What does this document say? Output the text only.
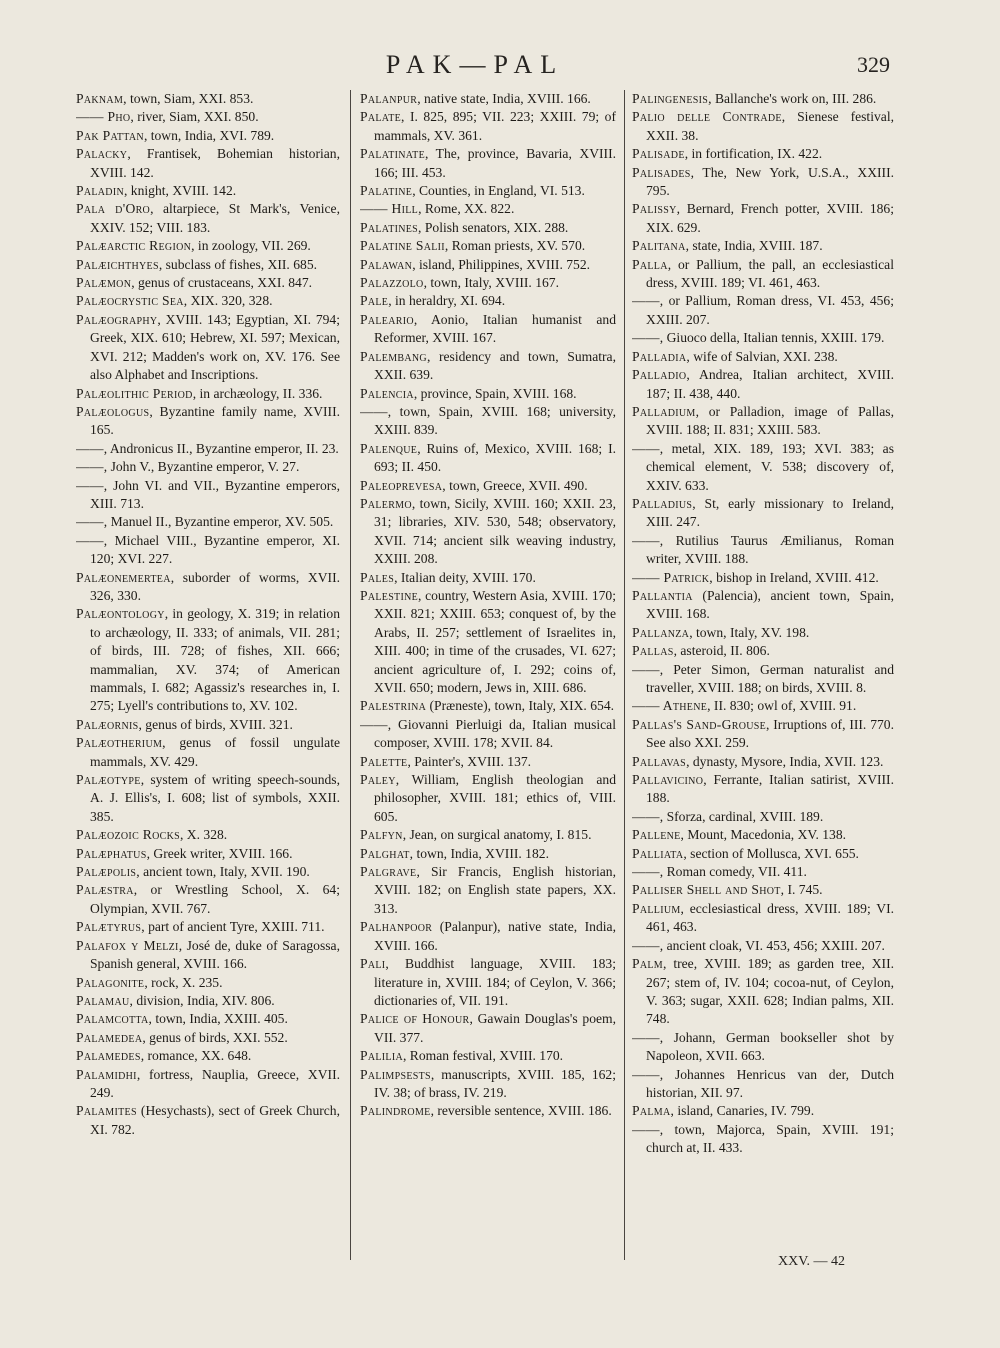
PAK—PAL	329

Paknam, town, Siam, XXI. 853.

—— Pho, river, Siam, XXI. 850.

Pak Pattan, town, India, XVI. 789.

Palacky, Frantisek, Bohemian historian, XVIII. 142.

Paladin, knight, XVIII. 142.

Pala d'Oro, altarpiece, St Mark's, Venice, XXIV. 152; VIII. 183.

Palæarctic Region, in zoology, VII. 269.

Palæichthyes, subclass of fishes, XII. 685.

Palæmon, genus of crustaceans, XXI. 847.

Palæocrystic Sea, XIX. 320, 328.

Palæography, XVIII. 143; Egyptian, XI. 794; Greek, XIX. 610; Hebrew, XI. 597; Mexican, XVI. 212; Madden's work on, XV. 176. See also Alphabet and Inscriptions.

Palæolithic Period, in archæology, II. 336.

Palæologus, Byzantine family name, XVIII. 165.

——, Andronicus II., Byzantine emperor, II. 23.

——, John V., Byzantine emperor, V. 27.

——, John VI. and VII., Byzantine emperors, XIII. 713.

——, Manuel II., Byzantine emperor, XV. 505.

——, Michael VIII., Byzantine emperor, XI. 120; XVI. 227.

Palæonemertea, suborder of worms, XVII. 326, 330.

Palæontology, in geology, X. 319; in relation to archæology, II. 333; of animals, VII. 281; of birds, III. 728; of fishes, XII. 666; mammalian, XV. 374; of American mammals, I. 682; Agassiz's researches in, I. 275; Lyell's contributions to, XV. 102.

Palæornis, genus of birds, XVIII. 321.

Palæotherium, genus of fossil ungulate mammals, XV. 429.

Palæotype, system of writing speech-sounds, A. J. Ellis's, I. 608; list of symbols, XXII. 385.

Palæozoic Rocks, X. 328.

Palæphatus, Greek writer, XVIII. 166.

Palæpolis, ancient town, Italy, XVII. 190.

Palæstra, or Wrestling School, X. 64; Olympian, XVII. 767.

Palætyrus, part of ancient Tyre, XXIII. 711.

Palafox y Melzi, José de, duke of Saragossa, Spanish general, XVIII. 166.

Palagonite, rock, X. 235.

Palamau, division, India, XIV. 806.

Palamcotta, town, India, XXIII. 405.

Palamedea, genus of birds, XXI. 552.

Palamedes, romance, XX. 648.

Palamidhi, fortress, Nauplia, Greece, XVII. 249.

Palamites (Hesychasts), sect of Greek Church, XI. 782.

Palanpur, native state, India, XVIII. 166.

Palate, I. 825, 895; VII. 223; XXIII. 79; of mammals, XV. 361.

Palatinate, The, province, Bavaria, XVIII. 166; III. 453.

Palatine, Counties, in England, VI. 513.

—— Hill, Rome, XX. 822.

Palatines, Polish senators, XIX. 288.

Palatine Salii, Roman priests, XV. 570.

Palawan, island, Philippines, XVIII. 752.

Palazzolo, town, Italy, XVIII. 167.

Pale, in heraldry, XI. 694.

Paleario, Aonio, Italian humanist and Reformer, XVIII. 167.

Palembang, residency and town, Sumatra, XXII. 639.

Palencia, province, Spain, XVIII. 168.

——, town, Spain, XVIII. 168; university, XXIII. 839.

Palenque, Ruins of, Mexico, XVIII. 168; I. 693; II. 450.

Paleoprevesa, town, Greece, XVII. 490.

Palermo, town, Sicily, XVIII. 160; XXII. 23, 31; libraries, XIV. 530, 548; observatory, XVII. 714; ancient silk weaving industry, XXIII. 208.

Pales, Italian deity, XVIII. 170.

Palestine, country, Western Asia, XVIII. 170; XXII. 821; XXIII. 653; conquest of, by the Arabs, II. 257; settlement of Israelites in, XIII. 400; in time of the crusades, VI. 627; ancient agriculture of, I. 292; coins of, XVII. 650; modern, Jews in, XIII. 686.

Palestrina (Præneste), town, Italy, XIX. 654.

——, Giovanni Pierluigi da, Italian musical composer, XVIII. 178; XVII. 84.

Palette, Painter's, XVIII. 137.

Paley, William, English theologian and philosopher, XVIII. 181; ethics of, VIII. 605.

Palfyn, Jean, on surgical anatomy, I. 815.

Palghat, town, India, XVIII. 182.

Palgrave, Sir Francis, English historian, XVIII. 182; on English state papers, XX. 313.

Palhanpoor (Palanpur), native state, India, XVIII. 166.

Pali, Buddhist language, XVIII. 183; literature in, XVIII. 184; of Ceylon, V. 366; dictionaries of, VII. 191.

Palice of Honour, Gawain Douglas's poem, VII. 377.

Palilia, Roman festival, XVIII. 170.

Palimpsests, manuscripts, XVIII. 185, 162; IV. 38; of brass, IV. 219.

Palindrome, reversible sentence, XVIII. 186.

Palingenesis, Ballanche's work on, III. 286.

Palio delle Contrade, Sienese festival, XXII. 38.

Palisade, in fortification, IX. 422.

Palisades, The, New York, U.S.A., XXIII. 795.

Palissy, Bernard, French potter, XVIII. 186; XIX. 629.

Palitana, state, India, XVIII. 187.

Palla, or Pallium, the pall, an ecclesiastical dress, XVIII. 189; VI. 461, 463.

——, or Pallium, Roman dress, VI. 453, 456; XXIII. 207.

——, Giuoco della, Italian tennis, XXIII. 179.

Palladia, wife of Salvian, XXI. 238.

Palladio, Andrea, Italian architect, XVIII. 187; II. 438, 440.

Palladium, or Palladion, image of Pallas, XVIII. 188; II. 831; XXIII. 583.

——, metal, XIX. 189, 193; XVI. 383; as chemical element, V. 538; discovery of, XXIV. 633.

Palladius, St, early missionary to Ireland, XIII. 247.

——, Rutilius Taurus Æmilianus, Roman writer, XVIII. 188.

—— Patrick, bishop in Ireland, XVIII. 412.

Pallantia (Palencia), ancient town, Spain, XVIII. 168.

Pallanza, town, Italy, XV. 198.

Pallas, asteroid, II. 806.

——, Peter Simon, German naturalist and traveller, XVIII. 188; on birds, XVIII. 8.

—— Athene, II. 830; owl of, XVIII. 91.

Pallas's Sand-Grouse, Irruptions of, III. 770. See also XXI. 259.

Pallavas, dynasty, Mysore, India, XVII. 123.

Pallavicino, Ferrante, Italian satirist, XVIII. 188.

——, Sforza, cardinal, XVIII. 189.

Pallene, Mount, Macedonia, XV. 138.

Palliata, section of Mollusca, XVI. 655.

——, Roman comedy, VII. 411.

Palliser Shell and Shot, I. 745.

Pallium, ecclesiastical dress, XVIII. 189; VI. 461, 463.

——, ancient cloak, VI. 453, 456; XXIII. 207.

Palm, tree, XVIII. 189; as garden tree, XII. 267; stem of, IV. 104; cocoa-nut, of Ceylon, V. 363; sugar, XXII. 628; Indian palms, XII. 748.

——, Johann, German bookseller shot by Napoleon, XVII. 663.

——, Johannes Henricus van der, Dutch historian, XII. 97.

Palma, island, Canaries, IV. 799.

——, town, Majorca, Spain, XVIII. 191; church at, II. 433.

XXV. — 42
